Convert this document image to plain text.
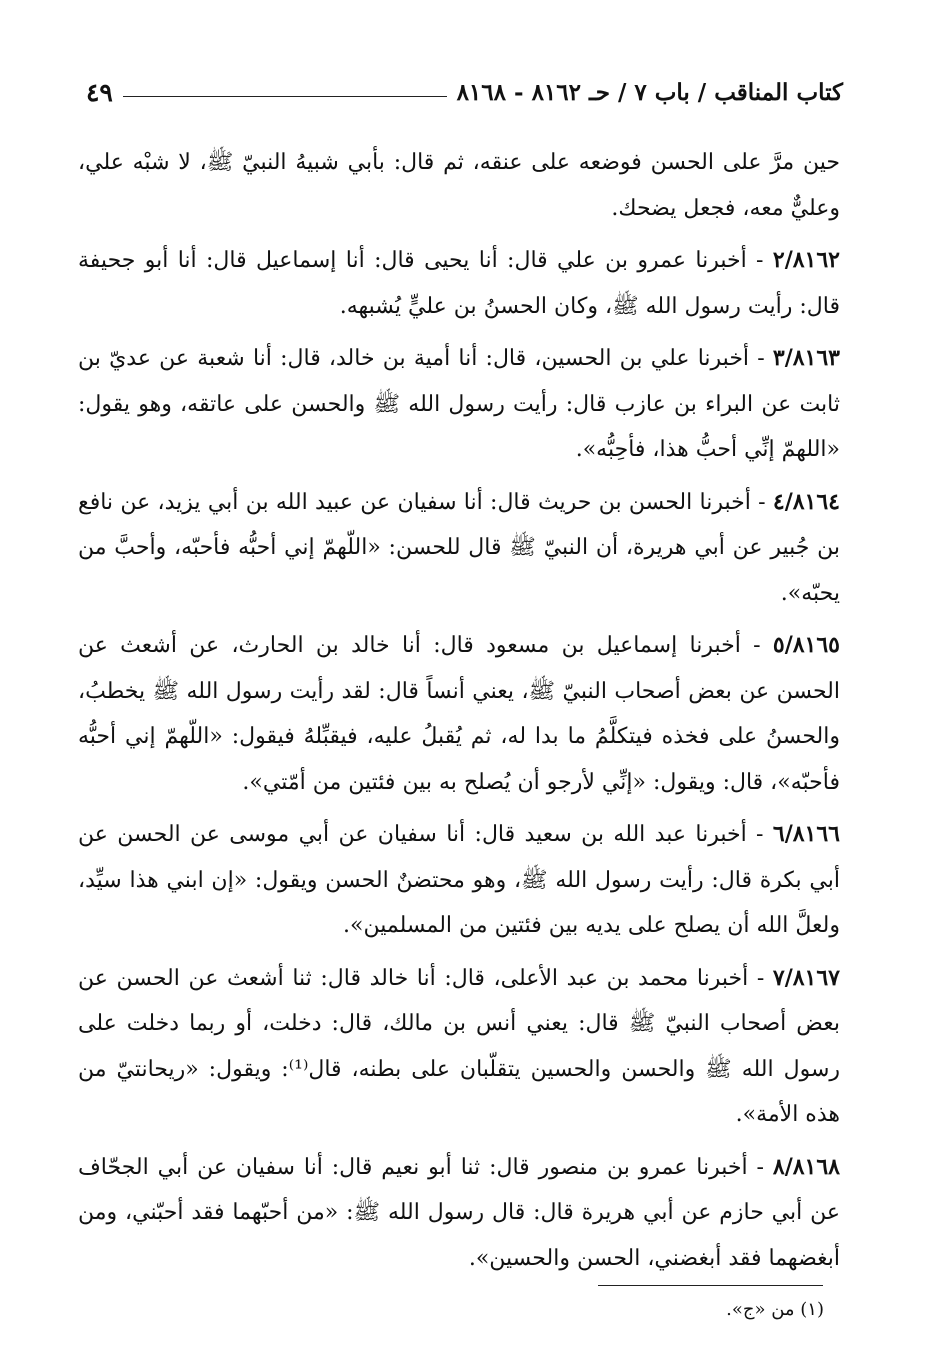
٤٩	كتاب المناقب / باب ٧ / حـ ٨١٦٢ - ٨١٦٨

حين مرَّ على الحسن فوضعه على عنقه، ثم قال: بأبي شبيهُ النبيّ ﷺ، لا شبْه علي، وعليٌّ معه، فجعل يضحك.

٢/٨١٦٢ - أخبرنا عمرو بن علي قال: أنا يحيى قال: أنا إسماعيل قال: أنا أبو جحيفة قال: رأيت رسول الله ﷺ، وكان الحسنُ بن عليٍّ يُشبهه.

٣/٨١٦٣ - أخبرنا علي بن الحسين، قال: أنا أمية بن خالد، قال: أنا شعبة عن عديّ بن ثابت عن البراء بن عازب قال: رأيت رسول الله ﷺ والحسن على عاتقه، وهو يقول: «اللهمّ إنِّي أحبُّ هذا، فأحِبُّه».

٤/٨١٦٤ - أخبرنا الحسن بن حريث قال: أنا سفيان عن عبيد الله بن أبي يزيد، عن نافع بن جُبير عن أبي هريرة، أن النبيّ ﷺ قال للحسن: «اللّهمّ إني أحبُّه فأحبّه، وأحبَّ من يحبّه».

٥/٨١٦٥ - أخبرنا إسماعيل بن مسعود قال: أنا خالد بن الحارث، عن أشعث عن الحسن عن بعض أصحاب النبيّ ﷺ، يعني أنساً قال: لقد رأيت رسول الله ﷺ يخطبُ، والحسنُ على فخذه فيتكلَّمُ ما بدا له، ثم يُقبلُ عليه، فيقبِّلهُ فيقول: «اللّهمّ إني أحبُّه فأحبّه»، قال: ويقول: «إنِّي لأرجو أن يُصلح به بين فئتين من أمّتي».

٦/٨١٦٦ - أخبرنا عبد الله بن سعيد قال: أنا سفيان عن أبي موسى عن الحسن عن أبي بكرة قال: رأيت رسول الله ﷺ، وهو محتضنٌ الحسن ويقول: «إن ابني هذا سيِّد، ولعلَّ الله أن يصلح على يديه بين فئتين من المسلمين».

٧/٨١٦٧ - أخبرنا محمد بن عبد الأعلى، قال: أنا خالد قال: ثنا أشعث عن الحسن عن بعض أصحاب النبيّ ﷺ قال: يعني أنس بن مالك، قال: دخلت، أو ربما دخلت على رسول الله ﷺ والحسن والحسين يتقلّبان على بطنه، قال⁽¹⁾: ويقول: «ريحانتيّ من هذه الأمة».

٨/٨١٦٨ - أخبرنا عمرو بن منصور قال: ثنا أبو نعيم قال: أنا سفيان عن أبي الجحّاف عن أبي حازم عن أبي هريرة قال: قال رسول الله ﷺ: «من أحبّهما فقد أحبّني، ومن أبغضهما فقد أبغضني، الحسن والحسين».

(١) من «ج».
